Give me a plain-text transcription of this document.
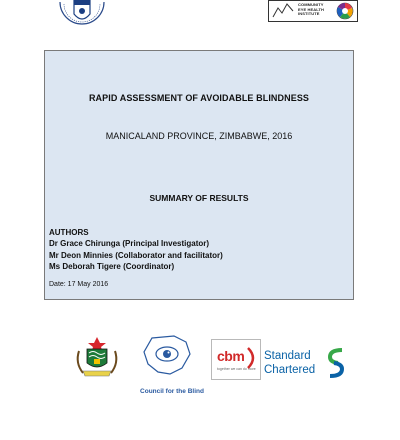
COMMUNITY EYE HEALTH INSTITUTE
RAPID ASSESSMENT OF AVOIDABLE BLINDNESS
MANICALAND PROVINCE, ZIMBABWE, 2016
SUMMARY OF RESULTS
AUTHORS
Dr Grace Chirunga (Principal Investigator)
Mr Deon Minnies (Collaborator and facilitator)
Ms Deborah Tigere (Coordinator)
Date: 17 May 2016
Council for the Blind
cbm
together we can do more
Standard
Chartered
